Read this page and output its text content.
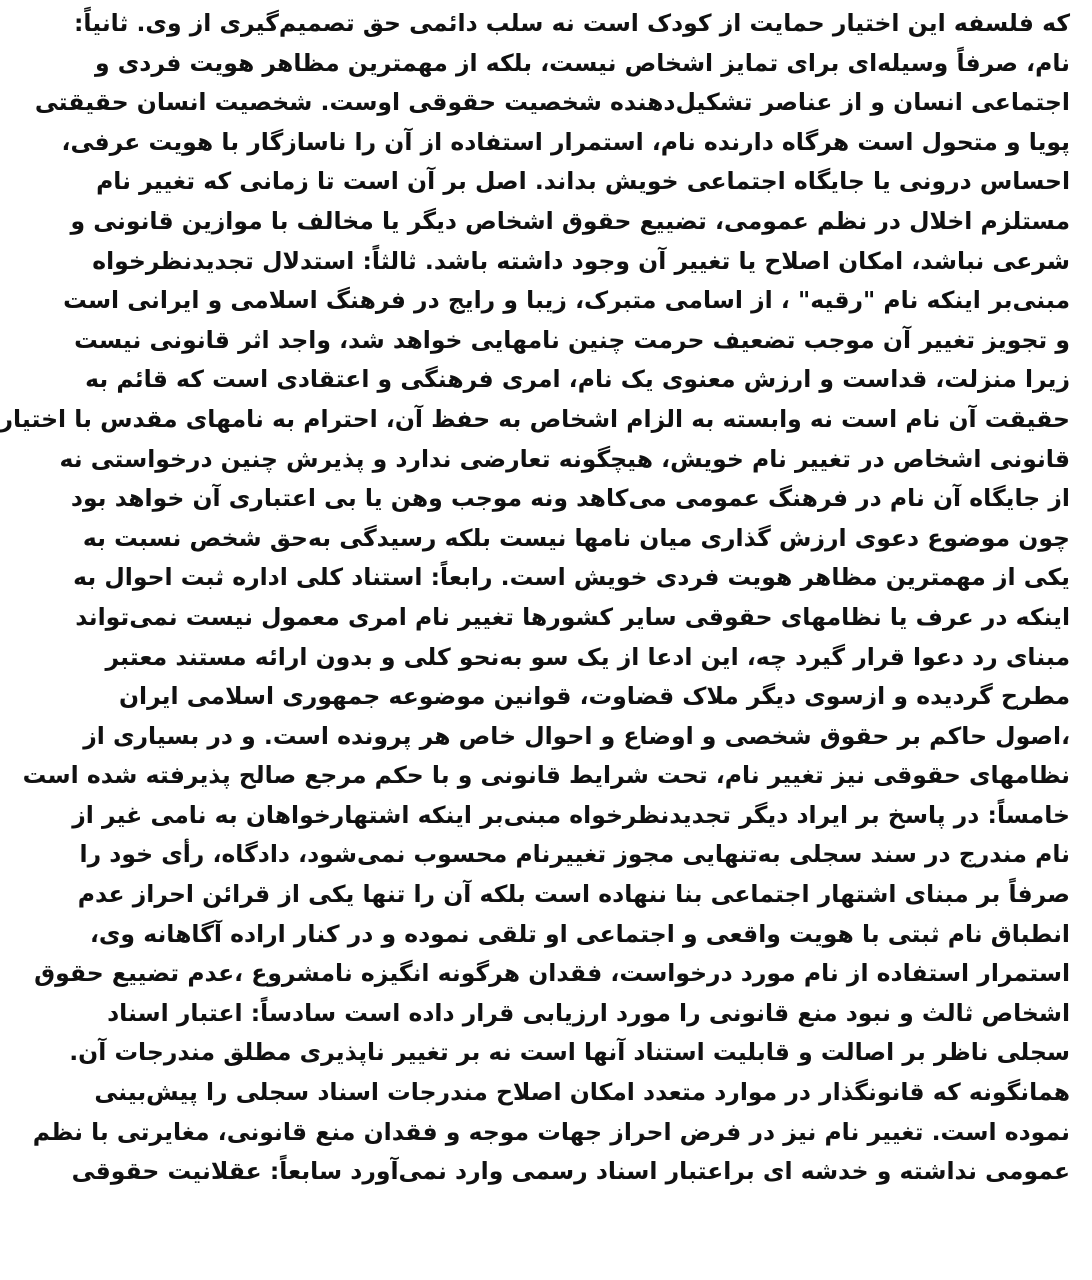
که فلسفه این اختیار حمایت از کودک است نه سلب دائمی حق تصمیم‌گیری از وی. ثانیاً:
نام، صرفاً وسیله‌ای برای تمایز اشخاص نیست، بلکه از مهمترین مظاهر هویت فردی و
اجتماعی انسان و از عناصر تشکیل‌دهنده شخصیت حقوقی اوست. شخصیت انسان حقیقتی
پویا و متحول است هرگاه دارنده نام، استمرار استفاده از آن را ناسازگار با هویت عرفی،
احساس درونی یا جایگاه اجتماعی خویش بداند. اصل بر آن است تا زمانی که تغییر نام
مستلزم اخلال در نظم عمومی، تضییع حقوق اشخاص دیگر یا مخالف با موازین قانونی و
شرعی نباشد، امکان اصلاح یا تغییر آن وجود داشته باشد. ثالثاً: استدلال تجدیدنظرخواه
مبنی‌بر اینکه نام "رقیه" ، از اسامی متبرک، زیبا و رایج در فرهنگ اسلامی و ایرانی است
و تجویز تغییر آن موجب تضعیف حرمت چنین نامهایی خواهد شد، واجد اثر قانونی نیست
زیرا منزلت، قداست و ارزش معنوی یک نام، امری فرهنگی و اعتقادی است که قائم به
حقیقت آن نام است نه وابسته به الزام اشخاص به حفظ آن، احترام به نامهای مقدس با اختیار
قانونی اشخاص در تغییر نام خویش، هیچگونه تعارضی ندارد و پذیرش چنین درخواستی نه
از جایگاه آن نام در فرهنگ عمومی می‌کاهد ونه موجب وهن یا بی اعتباری آن خواهد بود
چون موضوع دعوی ارزش گذاری میان نامها نیست بلکه رسیدگی به‌حق شخص نسبت به
یکی از مهمترین مظاهر هویت فردی خویش است. رابعاً: استناد کلی اداره ثبت احوال به
اینکه در عرف یا نظامهای حقوقی سایر کشورها تغییر نام امری معمول نیست نمی‌تواند
مبنای رد دعوا قرار گیرد چه، این ادعا از یک سو به‌نحو کلی و بدون ارائه مستند معتبر
مطرح گردیده و ازسوی دیگر ملاک قضاوت، قوانین موضوعه جمهوری اسلامی ایران
،اصول حاکم بر حقوق شخصی و اوضاع و احوال خاص هر پرونده است. و در بسیاری از
نظامهای حقوقی نیز تغییر نام، تحت شرایط قانونی و با حکم مرجع صالح پذیرفته شده است
خامساً: در پاسخ بر ایراد دیگر تجدیدنظرخواه مبنی‌بر اینکه اشتهارخواهان به نامی غیر از
نام مندرج در سند سجلی به‌تنهایی مجوز تغییرنام محسوب نمی‌شود، دادگاه، رأی خود را
صرفاً بر مبنای اشتهار اجتماعی بنا ننهاده است بلکه آن را تنها یکی از قرائن احراز عدم
انطباق نام ثبتی با هویت واقعی و اجتماعی او تلقی نموده و در کنار اراده آگاهانه وی،
استمرار استفاده از نام مورد درخواست، فقدان هرگونه انگیزه نامشروع ،عدم تضییع حقوق
اشخاص ثالث و نبود منع قانونی را مورد ارزیابی قرار داده است سادساً: اعتبار اسناد
سجلی ناظر بر اصالت و قابلیت استناد آنها است نه بر تغییر ناپذیری مطلق مندرجات آن.
همانگونه که قانونگذار در موارد متعدد امکان اصلاح مندرجات اسناد سجلی را پیش‌بینی
نموده است. تغییر نام نیز در فرض احراز جهات موجه و فقدان منع قانونی، مغایرتی با نظم
عمومی نداشته و خدشه ای براعتبار اسناد رسمی وارد نمی‌آورد سابعاً: عقلانیت حقوقی
